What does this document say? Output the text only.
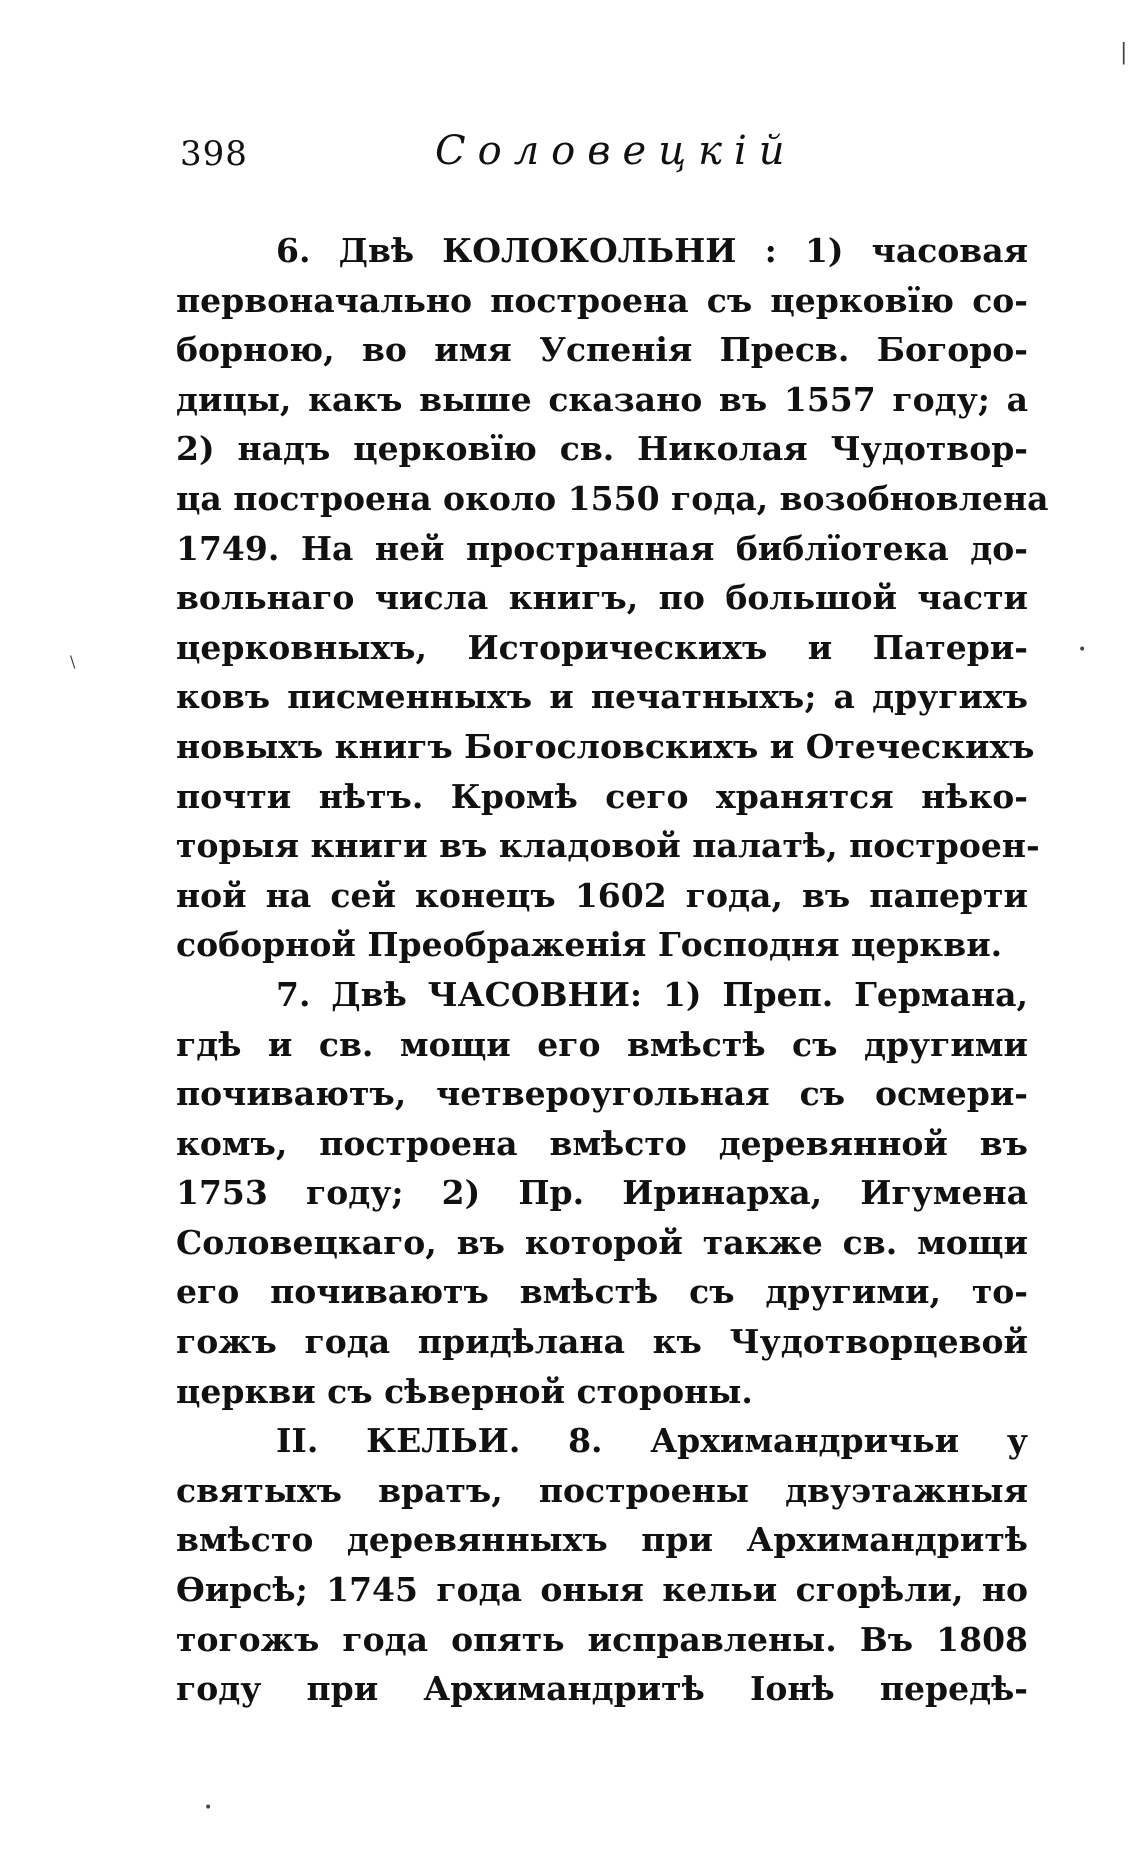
398	Соловецкій
6. Двѣ КОЛОКОЛЬНИ : 1) часовая
первоначально построена съ церковїю со-
борною, во имя Успенія Пресв. Богоро-
дицы, какъ выше сказано въ 1557 году; а
2) надъ церковїю св. Николая Чудотвор-
ца построена около 1550 года, возобновлена
1749. На ней пространная библїотека до-
вольнаго числа книгъ, по большой части
церковныхъ, Историческихъ и Патери-
ковъ писменныхъ и печатныхъ; а другихъ
новыхъ книгъ Богословскихъ и Отеческихъ
почти нѣтъ. Кромѣ сего хранятся нѣко-
торыя книги въ кладовой палатѣ, построен-
ной на сей конецъ 1602 года, въ паперти
соборной Преображенія Господня церкви.
7. Двѣ ЧАСОВНИ: 1) Преп. Германа,
гдѣ и св. мощи его вмѣстѣ съ другими
почиваютъ, четвероугольная съ осмери-
комъ, построена вмѣсто деревянной въ
1753 году; 2) Пр. Иринарха, Игумена
Соловецкаго, въ которой также св. мощи
его почиваютъ вмѣстѣ съ другими, то-
гожъ года придѣлана къ Чудотворцевой
церкви съ сѣверной стороны.
II. КЕЛЬИ. 8. Архимандричьи у
святыхъ вратъ, построены двуэтажныя
вмѣсто деревянныхъ при Архимандритѣ
Ѳирсѣ; 1745 года оныя кельи сгорѣли, но
тогожъ года опять исправлены. Въ 1808
году при Архимандритѣ Іонѣ передѣ-
|
•
•
\
